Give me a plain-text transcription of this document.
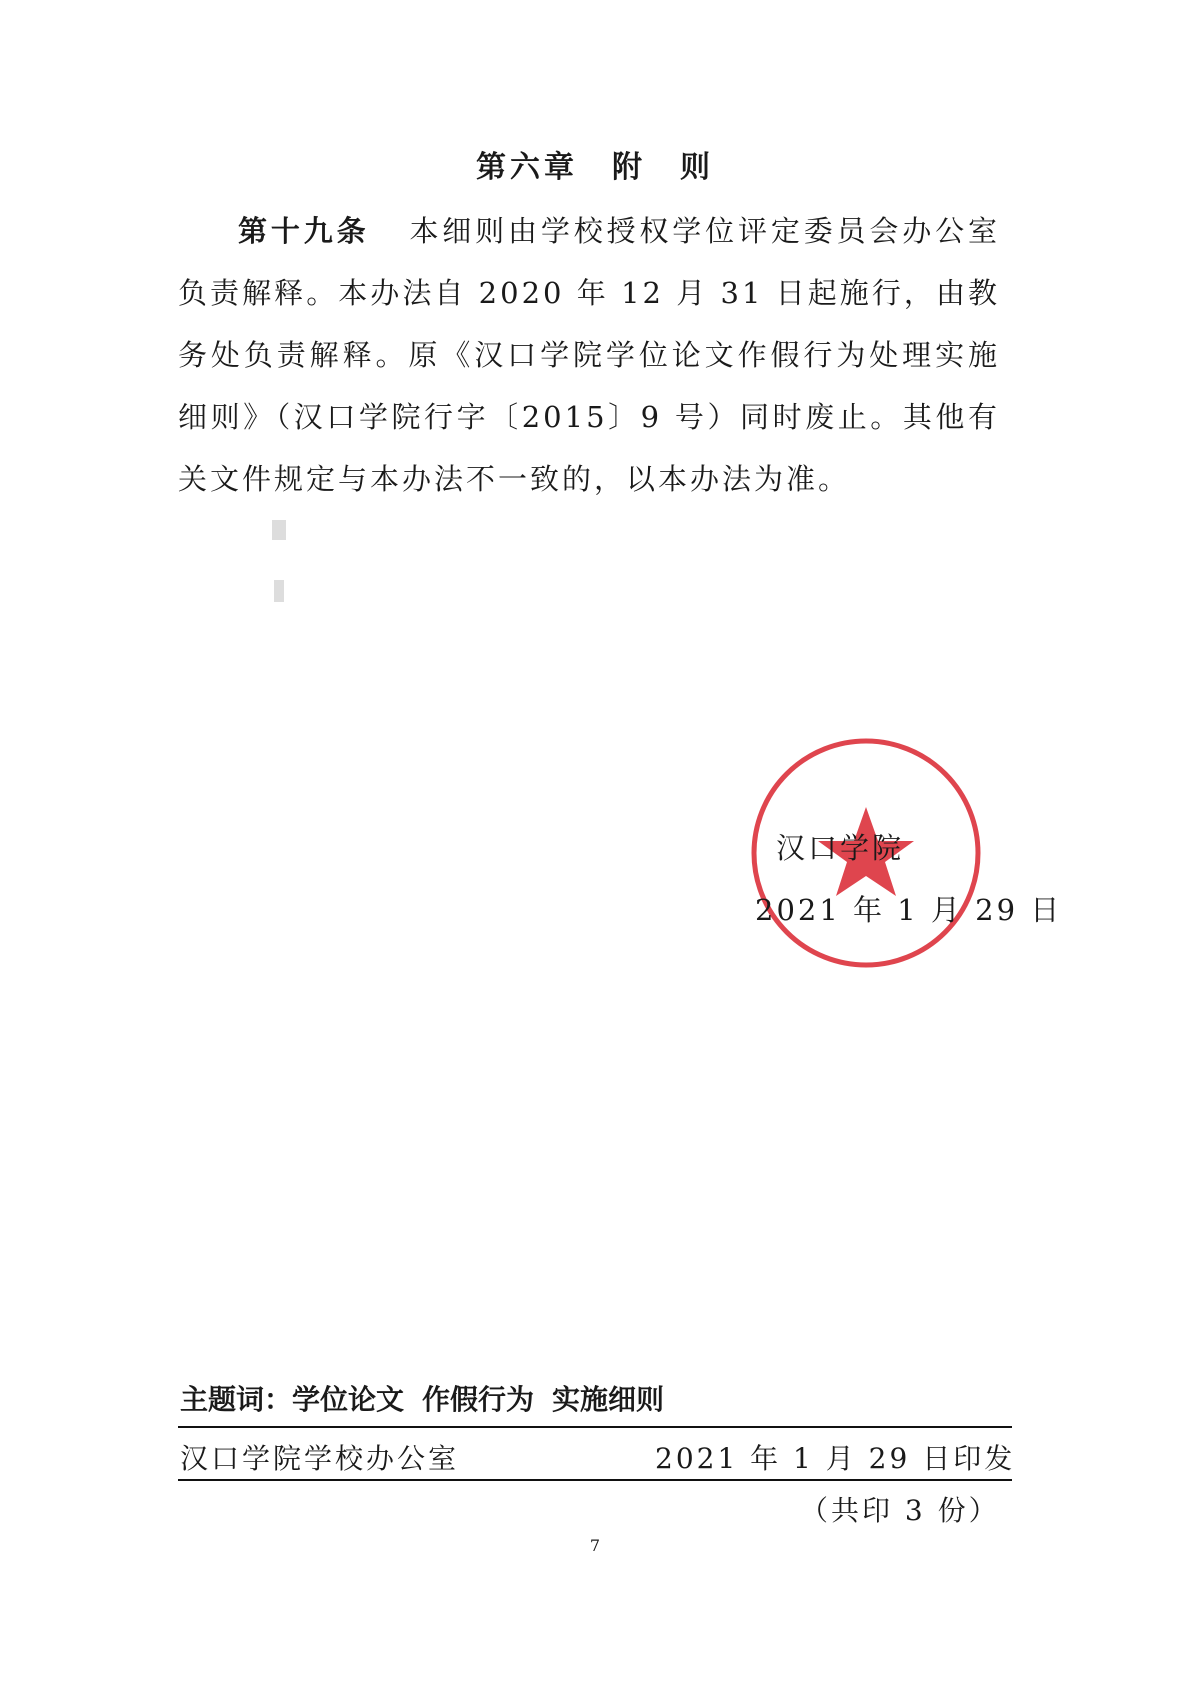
第六章 附　则
第十九条 本细则由学校授权学位评定委员会办公室负责解释。本办法自 2020 年 12 月 31 日起施行，由教务处负责解释。原《汉口学院学位论文作假行为处理实施细则》（汉口学院行字〔2015〕9 号）同时废止。其他有关文件规定与本办法不一致的，以本办法为准。
汉口学院
2021 年 1 月 29 日
主题词：学位论文 作假行为 实施细则
汉口学院学校办公室	2021 年 1 月 29 日印发
（共印 3 份）
7
